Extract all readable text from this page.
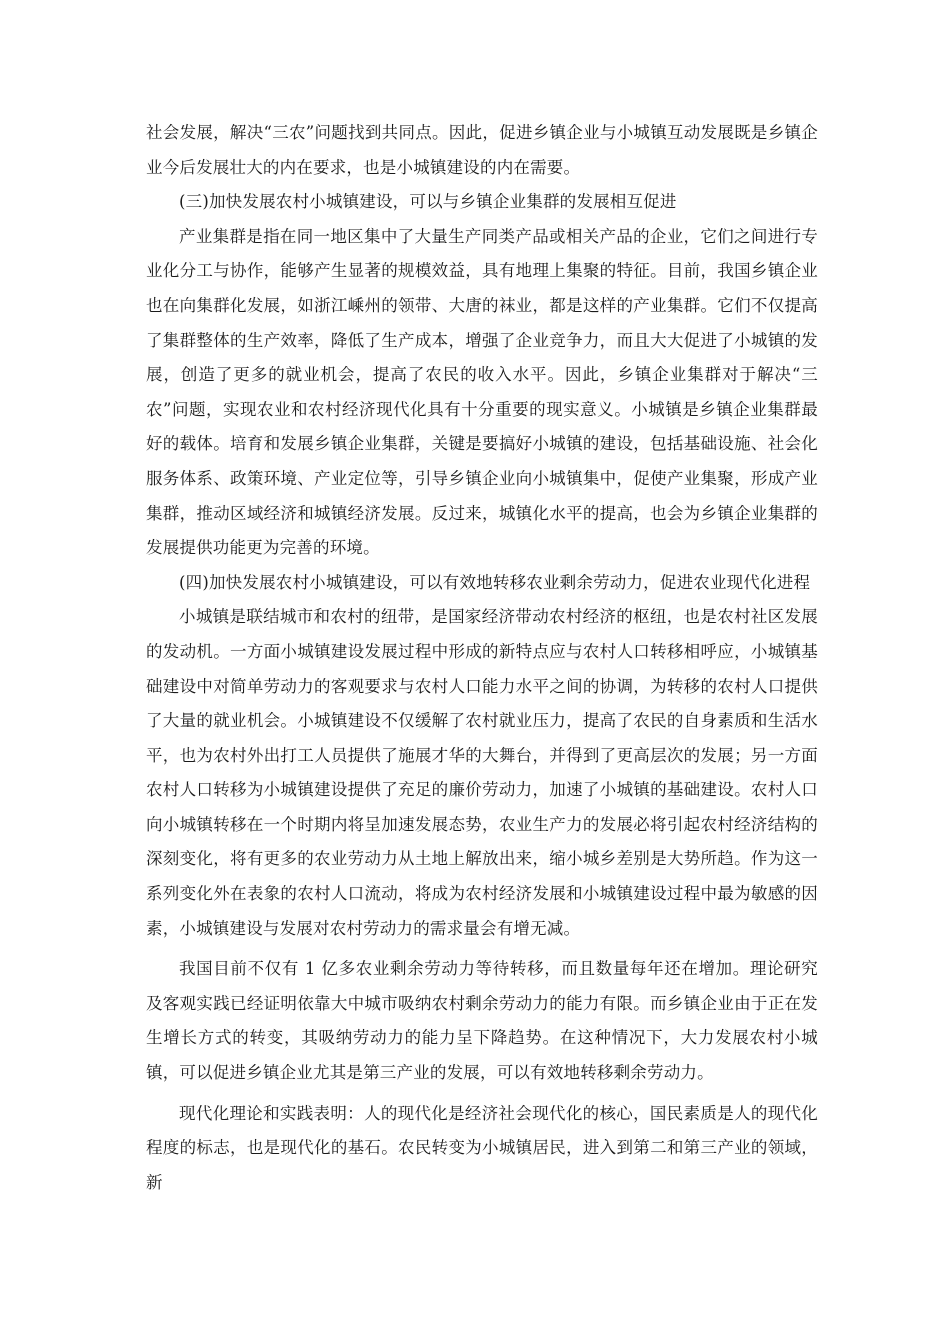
社会发展，解决“三农”问题找到共同点。因此，促进乡镇企业与小城镇互动发展既是乡镇企业今后发展壮大的内在要求，也是小城镇建设的内在需要。

(三)加快发展农村小城镇建设，可以与乡镇企业集群的发展相互促进

产业集群是指在同一地区集中了大量生产同类产品或相关产品的企业，它们之间进行专业化分工与协作，能够产生显著的规模效益，具有地理上集聚的特征。目前，我国乡镇企业也在向集群化发展，如浙江嵊州的领带、大唐的袜业，都是这样的产业集群。它们不仅提高了集群整体的生产效率，降低了生产成本，增强了企业竞争力，而且大大促进了小城镇的发展，创造了更多的就业机会，提高了农民的收入水平。因此，乡镇企业集群对于解决“三农”问题，实现农业和农村经济现代化具有十分重要的现实意义。小城镇是乡镇企业集群最好的载体。培育和发展乡镇企业集群，关键是要搞好小城镇的建设，包括基础设施、社会化服务体系、政策环境、产业定位等，引导乡镇企业向小城镇集中，促使产业集聚，形成产业集群，推动区域经济和城镇经济发展。反过来，城镇化水平的提高，也会为乡镇企业集群的发展提供功能更为完善的环境。

(四)加快发展农村小城镇建设，可以有效地转移农业剩余劳动力，促进农业现代化进程

小城镇是联结城市和农村的纽带，是国家经济带动农村经济的枢纽，也是农村社区发展的发动机。一方面小城镇建设发展过程中形成的新特点应与农村人口转移相呼应，小城镇基础建设中对简单劳动力的客观要求与农村人口能力水平之间的协调，为转移的农村人口提供了大量的就业机会。小城镇建设不仅缓解了农村就业压力，提高了农民的自身素质和生活水平，也为农村外出打工人员提供了施展才华的大舞台，并得到了更高层次的发展；另一方面农村人口转移为小城镇建设提供了充足的廉价劳动力，加速了小城镇的基础建设。农村人口向小城镇转移在一个时期内将呈加速发展态势，农业生产力的发展必将引起农村经济结构的深刻变化，将有更多的农业劳动力从土地上解放出来，缩小城乡差别是大势所趋。作为这一系列变化外在表象的农村人口流动，将成为农村经济发展和小城镇建设过程中最为敏感的因素，小城镇建设与发展对农村劳动力的需求量会有增无减。

我国目前不仅有 1 亿多农业剩余劳动力等待转移，而且数量每年还在增加。理论研究及客观实践已经证明依靠大中城市吸纳农村剩余劳动力的能力有限。而乡镇企业由于正在发生增长方式的转变，其吸纳劳动力的能力呈下降趋势。在这种情况下，大力发展农村小城镇，可以促进乡镇企业尤其是第三产业的发展，可以有效地转移剩余劳动力。

现代化理论和实践表明：人的现代化是经济社会现代化的核心，国民素质是人的现代化程度的标志，也是现代化的基石。农民转变为小城镇居民，进入到第二和第三产业的领域，新
